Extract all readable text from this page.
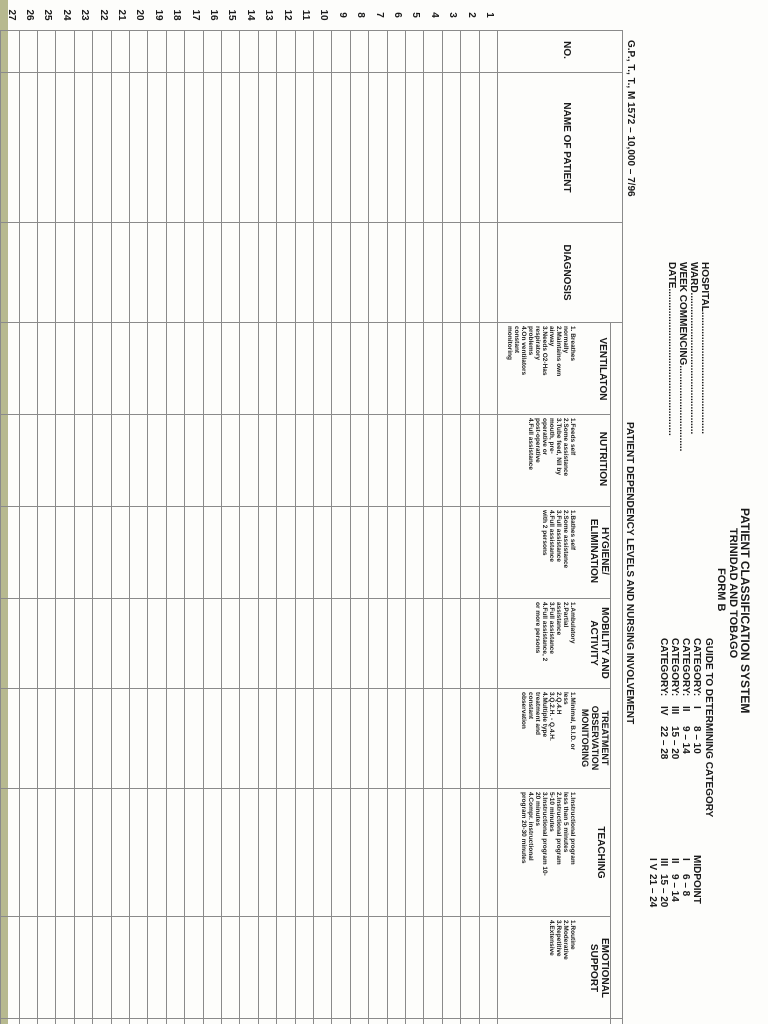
PATIENT CLASSIFICATION SYSTEM
TRINIDAD AND TOBAGO
FORM B
GUIDE TO DETERMINING CATEGORY
CATEGORY:
I
8 – 10
CATEGORY:
II
9 – 14
CATEGORY:
III
15 – 20
CATEGORY:
IV
22 – 28
MIDPOINT
I
6 – 8
II
9 – 14
III
15 – 20
I V
21 – 24
HOSPITAL............................................
WARD...................................................
WEEK COMMENCING...............................
DATE.....................................................
G.P., T., T., M 1572 – 10,000 – 7/96
PATIENT DEPENDENCY LEVELS AND NURSING INVOLVEMENT
NO.
NAME OF PATIENT
DIAGNOSIS
VENTILATON
NUTRITION
HYGIENE/ ELIMINATION
MOBILITY AND ACTIVITY
TREATMENT OBSERVATION MONITORING
TEACHING
EMOTIONAL SUPPORT
1. Breathes
normally
2.Maintains own
airway
3.Needs O2-Has
respiratory
problems
4.On ventilators
constant
monitoring
1.Feeds self
2.Some assistance
3.Tube feed, Nil by
mouth, pre-
operative or
post-operative
4.Full assistance
1.Bathes self
2.Some assistance
3.Full assistance
4.Full assistance
with 2 persons
1.Ambulatory
2.Partial
assistance
3.Full assistance
4.Full assistance, 2
or more persons
1.Minimal, B.I.D. or
less
2.Q.4.H
3.Q.2.H. - Q.4.H.
4.Multiple type
treatment and
constant
observation
1.Instructional program
less than 5 minutes
2.Instructional program
5-10 minutes
3.Instructional program 10-
20 minutes
4.Compr. instructional
program 20-30 minutes
1.Routine
2.Moderative
3.Repetitive
4.Extensive
1
2
3
4
5
6
7
8
9
10
11
12
13
14
15
16
17
18
19
20
21
22
23
24
25
26
27
